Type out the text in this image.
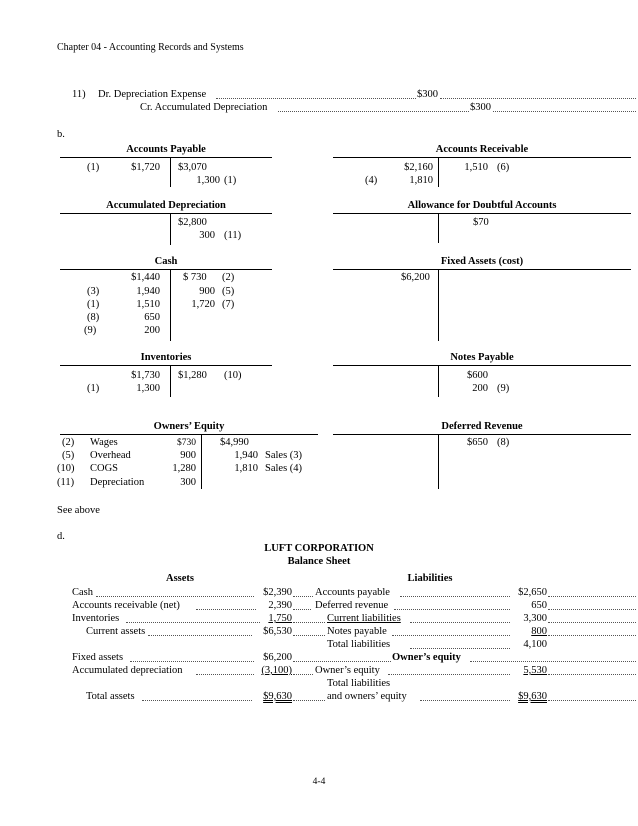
Chapter 04 - Accounting Records and Systems
11) Dr. Depreciation Expense	$300
Cr. Accumulated Depreciation	$300
b.
Accounts Payable
(1)	$1,720 $3,070
1,300 (1)
Accounts Receivable
$2,160	1,510 (6)
(4)	1,810
Accumulated Depreciation
$2,800
300 (11)
Allowance for Doubtful Accounts
$70
Cash
$1,440 $ 730 (2)
(3)	1,940	900 (5)
(1)	1,510	1,720 (7)
(8)	650
(9)	200
Fixed Assets (cost)
$6,200
Inventories
$1,730 $1,280 (10)
(1)	1,300
Notes Payable
$600
200 (9)
Owners’ Equity
(2) Wages	$730 $4,990
(5) Overhead	900	1,940 Sales (3)
(10) COGS	1,280	1,810 Sales (4)
(11) Depreciation	300
Deferred Revenue
$650 (8)
See above
d.
LUFT CORPORATION
Balance Sheet
Assets	Liabilities
Cash	$2,390
Accounts receivable (net)	2,390
Inventories	1,750
Current assets	$6,530
Fixed assets	$6,200
Accumulated depreciation	(3,100)
Total assets	$9,630
Accounts payable	$2,650
Deferred revenue	650
Current liabilities	3,300
Notes payable	800
Total liabilities	4,100
Owner’s equity
Owner’s equity	5,530
Total liabilities
and owners’ equity	$9,630
4-4
